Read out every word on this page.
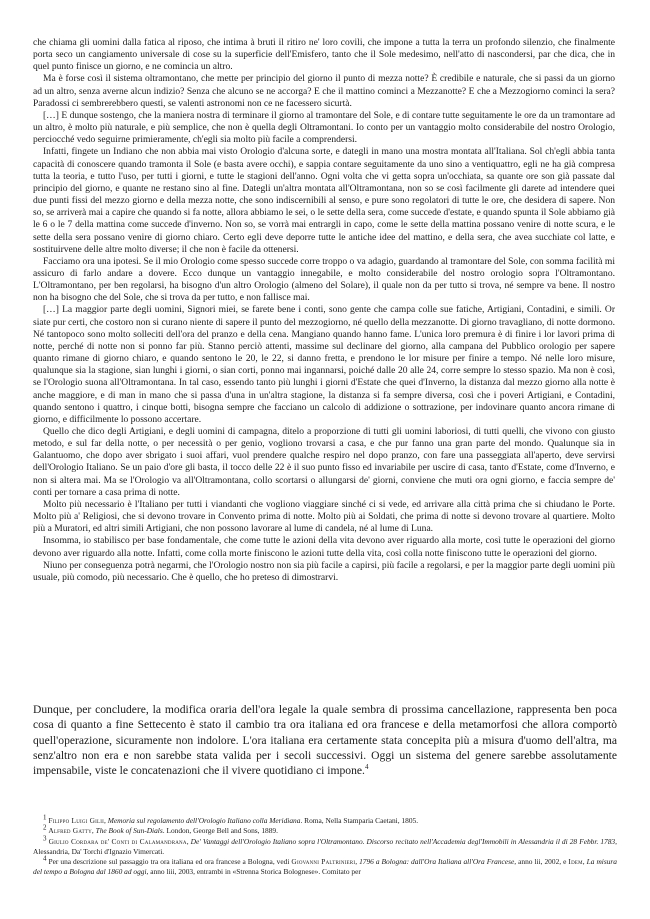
che chiama gli uomini dalla fatica al riposo, che intima à bruti il ritiro ne' loro covili, che impone a tutta la terra un profondo silenzio, che finalmente porta seco un cangiamento universale di cose su la superficie dell'Emisfero, tanto che il Sole medesimo, nell'atto di nascondersi, par che dica, che in quel punto finisce un giorno, e ne comincia un altro.

Ma è forse così il sistema oltramontano, che mette per principio del giorno il punto di mezza notte? È credibile e naturale, che si passi da un giorno ad un altro, senza averne alcun indizio? Senza che alcuno se ne accorga? E che il mattino cominci a Mezzanotte? E che a Mezzogiorno cominci la sera? Paradossi ci sembrerebbero questi, se valenti astronomi non ce ne facessero sicurtà.

[…] E dunque sostengo, che la maniera nostra di terminare il giorno al tramontare del Sole, e di contare tutte seguitamente le ore da un tramontare ad un altro, è molto più naturale, e più semplice, che non è quella degli Oltramontani. Io conto per un vantaggio molto considerabile del nostro Orologio, perciocché vedo seguirne primieramente, ch'egli sia molto più facile a comprendersi.

Infatti, fingete un Indiano che non abbia mai visto Orologio d'alcuna sorte, e dategli in mano una mostra montata all'Italiana. Sol ch'egli abbia tanta capacità di conoscere quando tramonta il Sole (e basta avere occhi), e sappia contare seguitamente da uno sino a ventiquattro, egli ne ha già compresa tutta la teoria, e tutto l'uso, per tutti i giorni, e tutte le stagioni dell'anno. Ogni volta che vi getta sopra un'occhiata, sa quante ore son già passate dal principio del giorno, e quante ne restano sino al fine. Dategli un'altra montata all'Oltramontana, non so se così facilmente gli darete ad intendere quei due punti fissi del mezzo giorno e della mezza notte, che sono indiscernibili al senso, e pure sono regolatori di tutte le ore, che desidera di sapere. Non so, se arriverà mai a capire che quando si fa notte, allora abbiamo le sei, o le sette della sera, come succede d'estate, e quando spunta il Sole abbiamo già le 6 o le 7 della mattina come succede d'inverno. Non so, se vorrà mai entrargli in capo, come le sette della mattina possano venire di notte scura, e le sette della sera possano venire di giorno chiaro. Certo egli deve deporre tutte le antiche idee del mattino, e della sera, che avea succhiate col latte, e sostituirvene delle altre molto diverse; il che non è facile da ottenersi.

Facciamo ora una ipotesi. Se il mio Orologio come spesso succede corre troppo o va adagio, guardando al tramontare del Sole, con somma facilità mi assicuro di farlo andare a dovere. Ecco dunque un vantaggio innegabile, e molto considerabile del nostro orologio sopra l'Oltramontano. L'Oltramontano, per ben regolarsi, ha bisogno d'un altro Orologio (almeno del Solare), il quale non da per tutto si trova, né sempre va bene. Il nostro non ha bisogno che del Sole, che si trova da per tutto, e non fallisce mai.

[…] La maggior parte degli uomini, Signori miei, se farete bene i conti, sono gente che campa colle sue fatiche, Artigiani, Contadini, e simili. Or siate pur certi, che costoro non si curano niente di sapere il punto del mezzogiorno, né quello della mezzanotte. Di giorno travagliano, di notte dormono. Né tantopoco sono molto solleciti dell'ora del pranzo e della cena. Mangiano quando hanno fame. L'unica loro premura è di finire i lor lavori prima di notte, perché di notte non si ponno far più. Stanno perciò attenti, massime sul declinare del giorno, alla campana del Pubblico orologio per sapere quanto rimane di giorno chiaro, e quando sentono le 20, le 22, si danno fretta, e prendono le lor misure per finire a tempo. Né nelle loro misure, qualunque sia la stagione, sian lunghi i giorni, o sian corti, ponno mai ingannarsi, poiché dalle 20 alle 24, corre sempre lo stesso spazio. Ma non è così, se l'Orologio suona all'Oltramontana. In tal caso, essendo tanto più lunghi i giorni d'Estate che quei d'Inverno, la distanza dal mezzo giorno alla notte è anche maggiore, e di man in mano che si passa d'una in un'altra stagione, la distanza si fa sempre diversa, così che i poveri Artigiani, e Contadini, quando sentono i quattro, i cinque botti, bisogna sempre che facciano un calcolo di addizione o sottrazione, per indovinare quanto ancora rimane di giorno, e difficilmente lo possono accertare.

Quello che dico degli Artigiani, e degli uomini di campagna, ditelo a proporzione di tutti gli uomini laboriosi, di tutti quelli, che vivono con giusto metodo, e sul far della notte, o per necessità o per genio, vogliono trovarsi a casa, e che pur fanno una gran parte del mondo. Qualunque sia in Galantuomo, che dopo aver sbrigato i suoi affari, vuol prendere qualche respiro nel dopo pranzo, con fare una passeggiata all'aperto, deve servirsi dell'Orologio Italiano. Se un paio d'ore gli basta, il tocco delle 22 è il suo punto fisso ed invariabile per uscire di casa, tanto d'Estate, come d'Inverno, e non si altera mai. Ma se l'Orologio va all'Oltramontana, collo scortarsi o allungarsi de' giorni, conviene che muti ora ogni giorno, e faccia sempre de' conti per tornare a casa prima di notte.

Molto più necessario è l'Italiano per tutti i viandanti che vogliono viaggiare sinché ci si vede, ed arrivare alla città prima che si chiudano le Porte. Molto più a' Religiosi, che si devono trovare in Convento prima di notte. Molto più ai Soldati, che prima di notte si devono trovare al quartiere. Molto più a Muratori, ed altri simili Artigiani, che non possono lavorare al lume di candela, né al lume di Luna.

Insomma, io stabilisco per base fondamentale, che come tutte le azioni della vita devono aver riguardo alla morte, così tutte le operazioni del giorno devono aver riguardo alla notte. Infatti, come colla morte finiscono le azioni tutte della vita, così colla notte finiscono tutte le operazioni del giorno.

Niuno per conseguenza potrà negarmi, che l'Orologio nostro non sia più facile a capirsi, più facile a regolarsi, e per la maggior parte degli uomini più usuale, più comodo, più necessario. Che è quello, che ho preteso di dimostrarvi.

Dunque, per concludere, la modifica oraria dell'ora legale la quale sembra di prossima cancellazione, rappresenta ben poca cosa di quanto a fine Settecento è stato il cambio tra ora italiana ed ora francese e della metamorfosi che allora comportò quell'operazione, sicuramente non indolore. L'ora italiana era certamente stata concepita più a misura d'uomo dell'altra, ma senz'altro non era e non sarebbe stata valida per i secoli successivi. Oggi un sistema del genere sarebbe assolutamente impensabile, viste le concatenazioni che il vivere quotidiano ci impone.$^4$

$^1$ Filippo Luigi Gilii, Memoria sul regolamento dell'Orologio Italiano colla Meridiana. Roma, Nella Stamparia Caetani, 1805.

$^2$ Alfred Gatty, The Book of Sun-Dials. London, George Bell and Sons, 1889.

$^3$ Giulio Cordara de' Conti di Calamandrana, De' Vantaggi dell'Orologio Italiano sopra l'Oltramontano. Discorso recitato nell'Accademia degl'Immobili in Alessandria il di 28 Febbr. 1783, Alessandria, Da' Torchi d'Ignazio Vimercati.

$^4$ Per una descrizione sul passaggio tra ora italiana ed ora francese a Bologna, vedi Giovanni Paltrinieri, 1796 a Bologna: dall'Ora Italiana all'Ora Francese, anno lii, 2002, e Idem, La misura del tempo a Bologna dal 1860 ad oggi, anno liii, 2003, entrambi in «Strenna Storica Bolognese». Comitato per
